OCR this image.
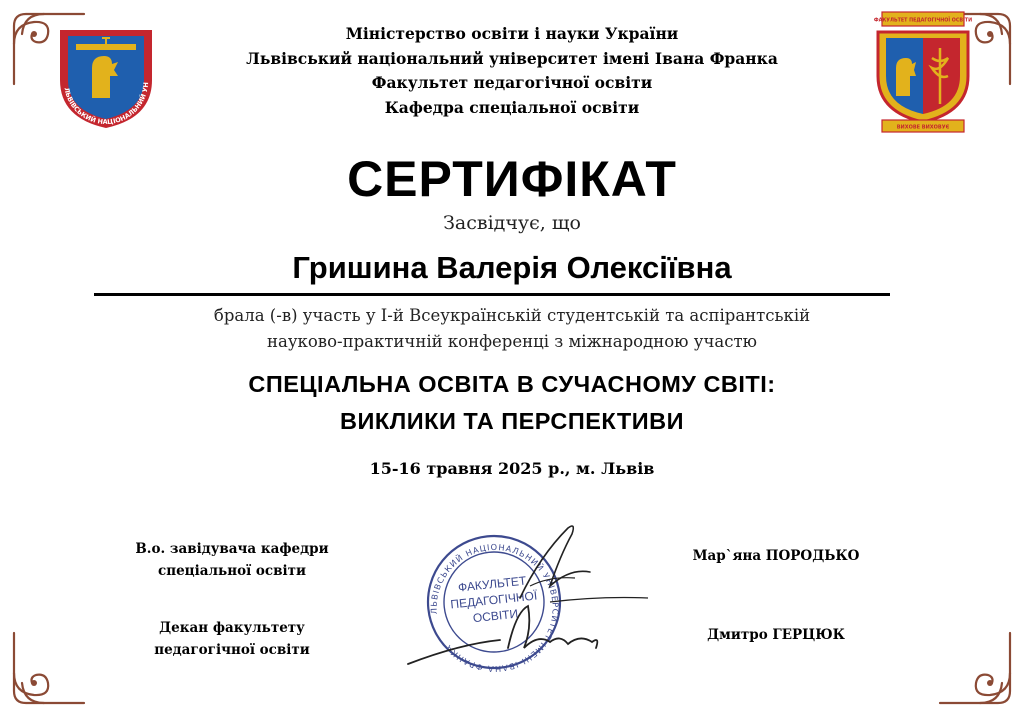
ЛЬВІВСЬКИЙ НАЦІОНАЛЬНИЙ УН
ФАКУЛЬТЕТ ПЕДАГОГІЧНОЇ ОСВІТИ
ВИХОВЕ ВИХОВУЄ
Міністерство освіти і науки України
Львівський національний університет імені Івана Франка
Факультет педагогічної освіти
Кафедра спеціальної освіти
СЕРТИФІКАТ
Засвідчує, що
Гришина Валерія Олексіївна
брала (-в) участь у І-й Всеукраїнській студентській та аспірантській
науково-практичній конференці з міжнародною участю
СПЕЦІАЛЬНА ОСВІТА В СУЧАСНОМУ СВІТІ:
ВИКЛИКИ ТА ПЕРСПЕКТИВИ
15-16 травня 2025 р., м. Львів
В.о. завідувача кафедри
спеціальної освіти
Декан факультету
педагогічної освіти
ЛЬВІВСЬКИЙ НАЦІОНАЛЬНИЙ УНІВЕРСИТЕТ ІМЕНІ ІВАНА ФРАНКА
ФАКУЛЬТЕТ
ПЕДАГОГІЧНОЇ
ОСВІТИ
Мар`яна ПОРОДЬКО
Дмитро ГЕРЦЮК
